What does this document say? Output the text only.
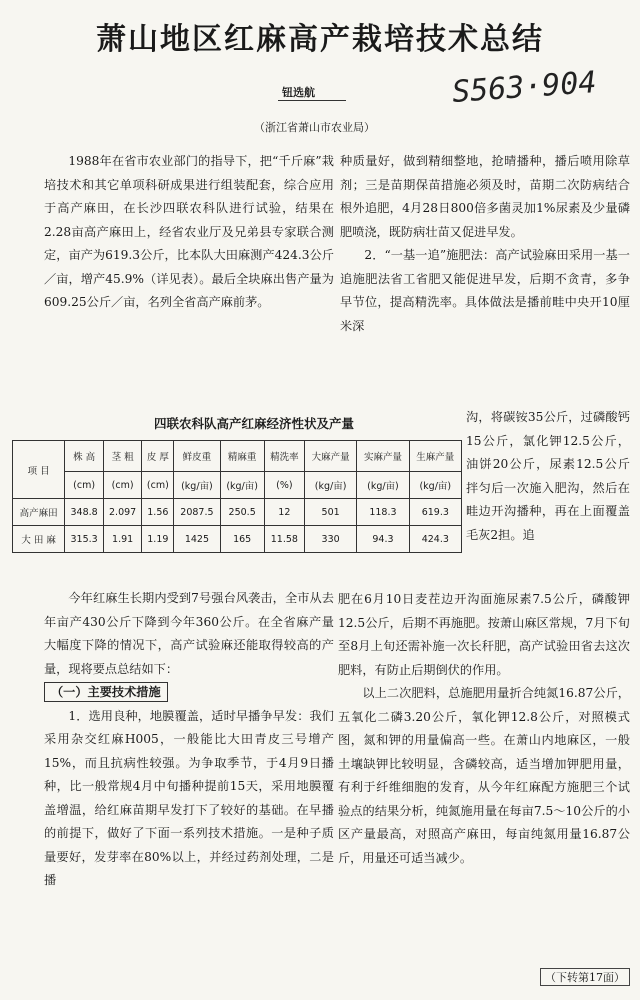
萧山地区红麻高产栽培技术总结
钮选航	S563·904
（浙江省萧山市农业局）

1988年在省市农业部门的指导下，把“千斤麻”栽培技术和其它单项科研成果进行组装配套，综合应用于高产麻田，在长沙四联农科队进行试验，结果在2.28亩高产麻田上，经省农业厅及兄弟县专家联合测定，亩产为619.3公斤，比本队大田麻测产424.3公斤／亩，增产45.9%（详见表）。最后全块麻出售产量为609.25公斤／亩，名列全省高产麻前茅。

种质量好，做到精细整地，抢晴播种，播后喷用除草剂；三是苗期保苗措施必须及时，苗期二次防病结合根外追肥，4月28日800倍多菌灵加1%尿素及少量磷肥喷浇，既防病壮苗又促进早发。

2．“一基一追”施肥法：高产试验麻田采用一基一追施肥法省工省肥又能促进早发，后期不贪青，多争早节位，提高精洗率。具体做法是播前畦中央开10厘米深

沟，将碳铵35公斤，过磷酸钙15公斤，氯化钾12.5公斤，油饼20公斤，尿素12.5公斤拌匀后一次施入肥沟，然后在畦边开沟播种，再在上面覆盖毛灰2担。追

四联农科队高产红麻经济性状及产量
项 目	株 高	茎 粗	皮 厚	鲜皮重	精麻重	精洗率	大麻产量	实麻产量	生麻产量
	(cm)	(cm)	(cm)	(kg/亩)	(kg/亩)	(%)	(kg/亩)	(kg/亩)	(kg/亩)
高产麻田	348.8	2.097	1.56	2087.5	250.5	12	501	118.3	619.3
大 田 麻	315.3	1.91	1.19	1425	165	11.58	330	94.3	424.3

今年红麻生长期内受到7号强台风袭击，全市从去年亩产430公斤下降到今年360公斤。在全省麻产量大幅度下降的情况下，高产试验麻还能取得较高的产量，现将要点总结如下：

（一）主要技术措施

1．选用良种，地膜覆盖，适时早播争早发：我们采用杂交红麻H005，一般能比大田青皮三号增产15%，而且抗病性较强。为争取季节，于4月9日播种，比一般常规4月中旬播种提前15天，采用地膜覆盖增温，给红麻苗期早发打下了较好的基础。在早播的前提下，做好了下面一系列技术措施。一是种子质量要好，发芽率在80%以上，并经过药剂处理，二是播

肥在6月10日麦茬边开沟面施尿素7.5公斤，磷酸钾12.5公斤，后期不再施肥。按萧山麻区常规，7月下旬至8月上旬还需补施一次长秆肥，高产试验田省去这次肥料，有防止后期倒伏的作用。

以上二次肥料，总施肥用量折合纯氮16.87公斤，五氧化二磷3.20公斤，氧化钾12.8公斤，对照模式图，氮和钾的用量偏高一些。在萧山内地麻区，一般土壤缺钾比较明显，含磷较高，适当增加钾肥用量，有利于纤维细胞的发育，从今年红麻配方施肥三个试验点的结果分析，纯氮施用量在每亩7.5～10公斤的小区产量最高，对照高产麻田，每亩纯氮用量16.87公斤，用量还可适当减少。

（下转第17面）
